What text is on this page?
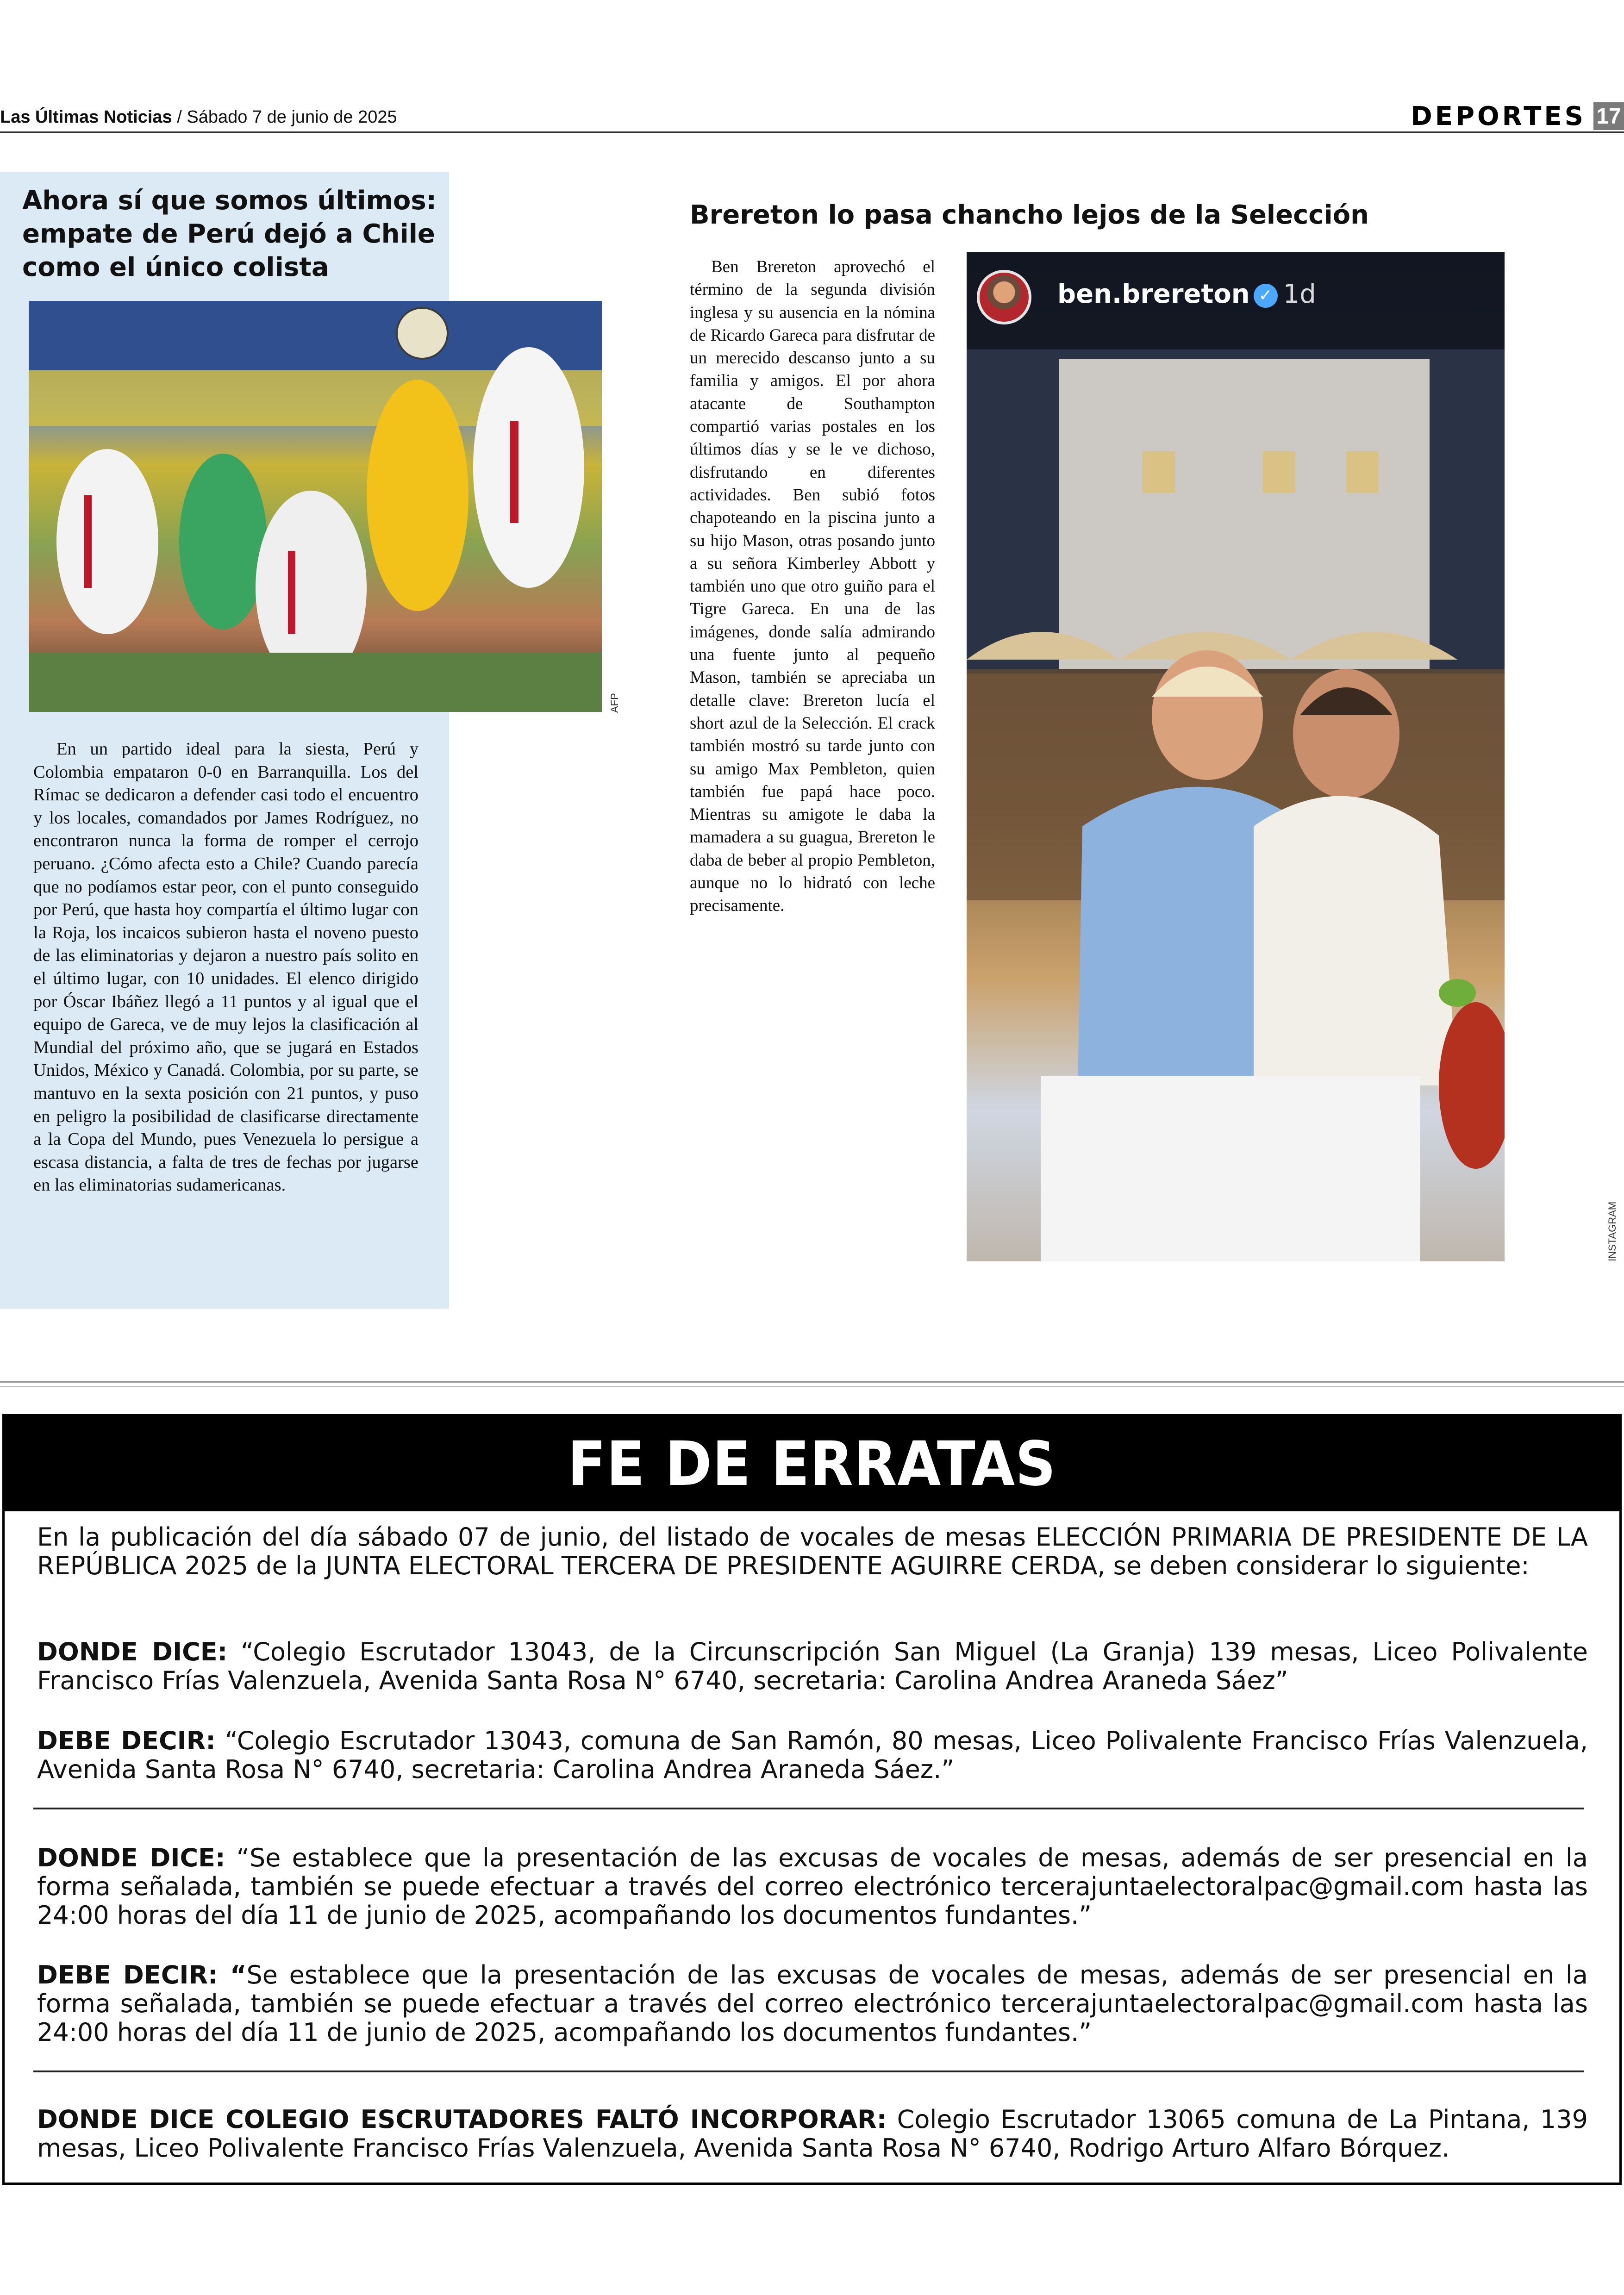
Las Últimas Noticias / Sábado 7 de junio de 2025	DEPORTES 17
Ahora sí que somos últimos: empate de Perú dejó a Chile como el único colista
AFP
En un partido ideal para la siesta, Perú y Colombia empataron 0-0 en Barranquilla. Los del Rímac se dedicaron a defender casi todo el encuentro y los locales, comandados por James Rodríguez, no encontraron nunca la forma de romper el cerrojo peruano. ¿Cómo afecta esto a Chile? Cuando parecía que no podíamos estar peor, con el punto conseguido por Perú, que hasta hoy compartía el último lugar con la Roja, los incaicos subieron hasta el noveno puesto de las eliminatorias y dejaron a nuestro país solito en el último lugar, con 10 unidades. El elenco dirigido por Óscar Ibáñez llegó a 11 puntos y al igual que el equipo de Gareca, ve de muy lejos la clasificación al Mundial del próximo año, que se jugará en Estados Unidos, México y Canadá. Colombia, por su parte, se mantuvo en la sexta posición con 21 puntos, y puso en peligro la posibilidad de clasificarse directamente a la Copa del Mundo, pues Venezuela lo persigue a escasa distancia, a falta de tres de fechas por jugarse en las eliminatorias sudamericanas.
Brereton lo pasa chancho lejos de la Selección
Ben Brereton aprovechó el término de la segunda división inglesa y su ausencia en la nómina de Ricardo Gareca para disfrutar de un merecido descanso junto a su familia y amigos. El por ahora atacante de Southampton compartió varias postales en los últimos días y se le ve dichoso, disfrutando en diferentes actividades. Ben subió fotos chapoteando en la piscina junto a su hijo Mason, otras posando junto a su señora Kimberley Abbott y también uno que otro guiño para el Tigre Gareca. En una de las imágenes, donde salía admirando una fuente junto al pequeño Mason, también se apreciaba un detalle clave: Brereton lucía el short azul de la Selección. El crack también mostró su tarde junto con su amigo Max Pembleton, quien también fue papá hace poco. Mientras su amigote le daba la mamadera a su guagua, Brereton le daba de beber al propio Pembleton, aunque no lo hidrató con leche precisamente.
ben.brereton ✓ 1d
INSTAGRAM
FE DE ERRATAS
En la publicación del día sábado 07 de junio, del listado de vocales de mesas ELECCIÓN PRIMARIA DE PRESIDENTE DE LA REPÚBLICA 2025 de la JUNTA ELECTORAL TERCERA DE PRESIDENTE AGUIRRE CERDA, se deben considerar lo siguiente:
DONDE DICE: “Colegio Escrutador 13043, de la Circunscripción San Miguel (La Granja) 139 mesas, Liceo Polivalente Francisco Frías Valenzuela, Avenida Santa Rosa N° 6740, secretaria: Carolina Andrea Araneda Sáez”
DEBE DECIR: “Colegio Escrutador 13043, comuna de San Ramón, 80 mesas, Liceo Polivalente Francisco Frías Valenzuela, Avenida Santa Rosa N° 6740, secretaria: Carolina Andrea Araneda Sáez.”
DONDE DICE: “Se establece que la presentación de las excusas de vocales de mesas, además de ser presencial en la forma señalada, también se puede efectuar a través del correo electrónico tercerajuntaelectoralpac@gmail.com hasta las 24:00 horas del día 11 de junio de 2025, acompañando los documentos fundantes.”
DEBE DECIR: “Se establece que la presentación de las excusas de vocales de mesas, además de ser presencial en la forma señalada, también se puede efectuar a través del correo electrónico tercerajuntaelectoralpac@gmail.com hasta las 24:00 horas del día 11 de junio de 2025, acompañando los documentos fundantes.”
DONDE DICE COLEGIO ESCRUTADORES FALTÓ INCORPORAR: Colegio Escrutador 13065 comuna de La Pintana, 139 mesas, Liceo Polivalente Francisco Frías Valenzuela, Avenida Santa Rosa N° 6740, Rodrigo Arturo Alfaro Bórquez.
